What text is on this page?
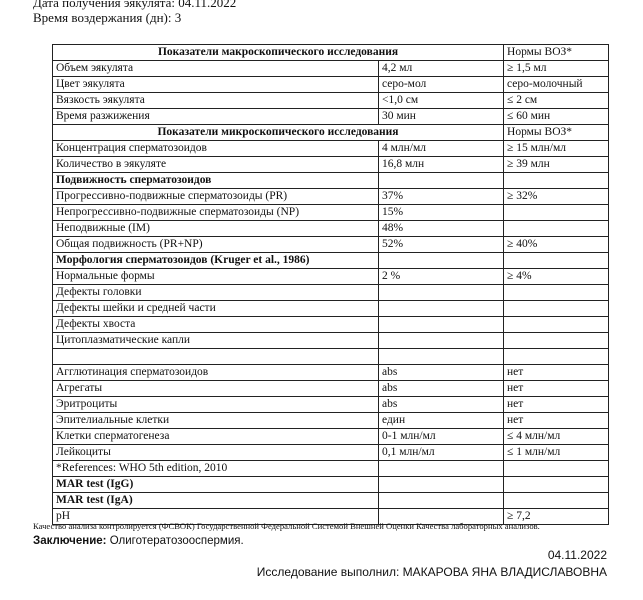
Дата получения эякулята: 04.11.2022
Время воздержания (дн): 3
Показатели макроскопического исследования		Нормы ВОЗ*
Объем эякулята	4,2 мл	≥ 1,5 мл
Цвет эякулята	серо-мол	серо-молочный
Вязкость эякулята	<1,0 см	≤ 2 см
Время разжижения	30 мин	≤ 60 мин
Показатели микроскопического исследования		Нормы ВОЗ*
Концентрация сперматозоидов	4 млн/мл	≥ 15 млн/мл
Количество в эякуляте	16,8 млн	≥ 39 млн
Подвижность сперматозоидов		
Прогрессивно-подвижные сперматозоиды (PR)	37%	≥ 32%
Непрогрессивно-подвижные сперматозоиды (NP)	15%	
Неподвижные (IM)	48%	
Общая подвижность (PR+NP)	52%	≥ 40%
Морфология сперматозоидов (Kruger et al., 1986)		
Нормальные формы	2 %	≥ 4%
Дефекты головки		
Дефекты шейки и средней части		
Дефекты хвоста		
Цитоплазматические капли		

Агглютинация сперматозоидов	abs	нет
Агрегаты	abs	нет
Эритроциты	abs	нет
Эпителиальные клетки	един	нет
Клетки сперматогенеза	0-1 млн/мл	≤ 4 млн/мл
Лейкоциты	0,1 млн/мл	≤ 1 млн/мл
*References: WHO 5th edition, 2010		
MAR test (IgG)		
MAR test (IgA)		
pH		≥ 7,2
Качество анализа контролируется (ФСВОК) Государственной Федеральной Системой Внешней Оценки Качества лабораторных анализов.
Заключение: Олиготератозооспермия.
04.11.2022
Исследование выполнил: МАКАРОВА ЯНА ВЛАДИСЛАВОВНА
